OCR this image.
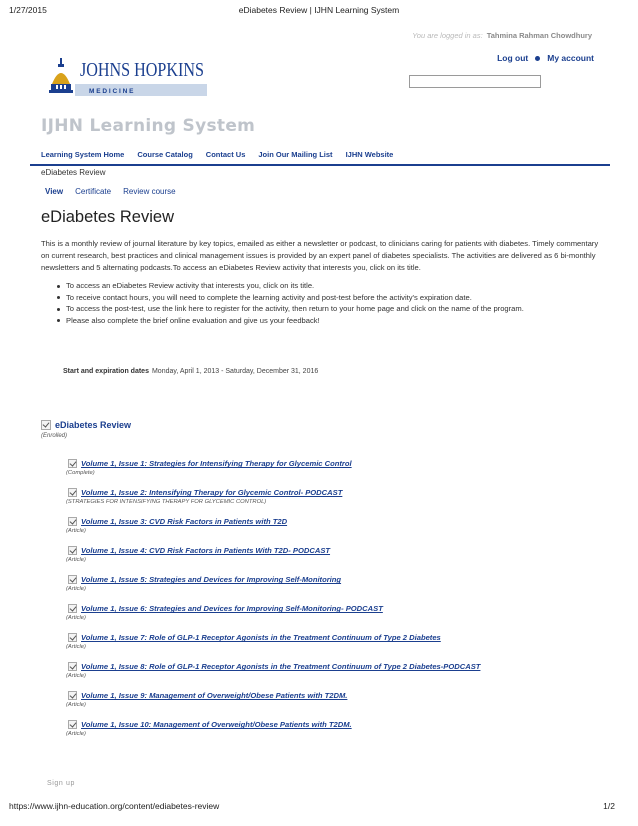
eDiabetes Review | IJHN Learning System
1/27/2015
You are logged in as: Tahmina Rahman Chowdhury
Log out My account
JOHNS HOPKINS
M E D I C I N E
IJHN Learning System
Learning System Home Course Catalog Contact Us Join Our Mailing List IJHN Website
eDiabetes Review
View Certificate Review course
eDiabetes Review

This is a monthly review of journal literature by key topics, emailed as either a newsletter or podcast, to clinicians caring for patients with diabetes. Timely commentary on current research, best practices and clinical management issues is provided by an expert panel of diabetes specialists. The activities are delivered as 6 bi-monthly newsletters and 5 alternating podcasts.To access an eDiabetes Review activity that interests you, click on its title.

To access an eDiabetes Review activity that interests you, click on its title.
To receive contact hours, you will need to complete the learning activity and post-test before the activity's expiration date.
To access the post-test, use the link here to register for the activity, then return to your home page and click on the name of the program.
Please also complete the brief online evaluation and give us your feedback!
Start and expiration dates Monday, April 1, 2013 - Saturday, December 31, 2016
eDiabetes Review
(Enrolled)
Volume 1, Issue 1: Strategies for Intensifying Therapy for Glycemic Control
(Complete)
Volume 1, Issue 2: Intensifying Therapy for Glycemic Control- PODCAST
(STRATEGIES FOR INTENSIFYING THERAPY FOR GLYCEMIC CONTROL)
Volume 1, Issue 3: CVD Risk Factors in Patients with T2D
(Article)
Volume 1, Issue 4: CVD Risk Factors in Patients With T2D- PODCAST
(Article)
Volume 1, Issue 5: Strategies and Devices for Improving Self-Monitoring
(Article)
Volume 1, Issue 6: Strategies and Devices for Improving Self-Monitoring- PODCAST
(Article)
Volume 1, Issue 7: Role of GLP-1 Receptor Agonists in the Treatment Continuum of Type 2 Diabetes
(Article)
Volume 1, Issue 8: Role of GLP-1 Receptor Agonists in the Treatment Continuum of Type 2 Diabetes-PODCAST
(Article)
Volume 1, Issue 9: Management of Overweight/Obese Patients with T2DM.
(Article)
Volume 1, Issue 10: Management of Overweight/Obese Patients with T2DM.
(Article)
Sign up
https://www.ijhn-education.org/content/ediabetes-review	1/2
